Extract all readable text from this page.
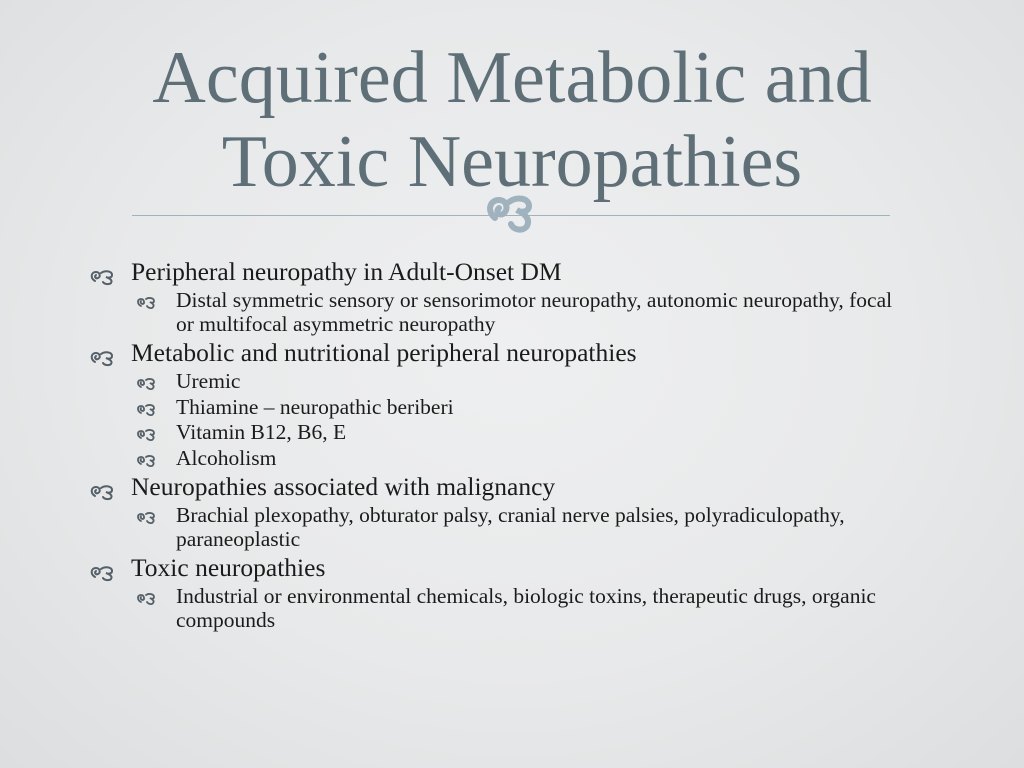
Acquired Metabolic and
Toxic Neuropathies
Peripheral neuropathy in Adult-Onset DM
Distal symmetric sensory or sensorimotor neuropathy, autonomic neuropathy, focal or multifocal asymmetric neuropathy
Metabolic and nutritional peripheral neuropathies
Uremic
Thiamine – neuropathic beriberi
Vitamin B12, B6, E
Alcoholism
Neuropathies associated with malignancy
Brachial plexopathy, obturator palsy, cranial nerve palsies, polyradiculopathy, paraneoplastic
Toxic neuropathies
Industrial or environmental chemicals, biologic toxins, therapeutic drugs, organic compounds
